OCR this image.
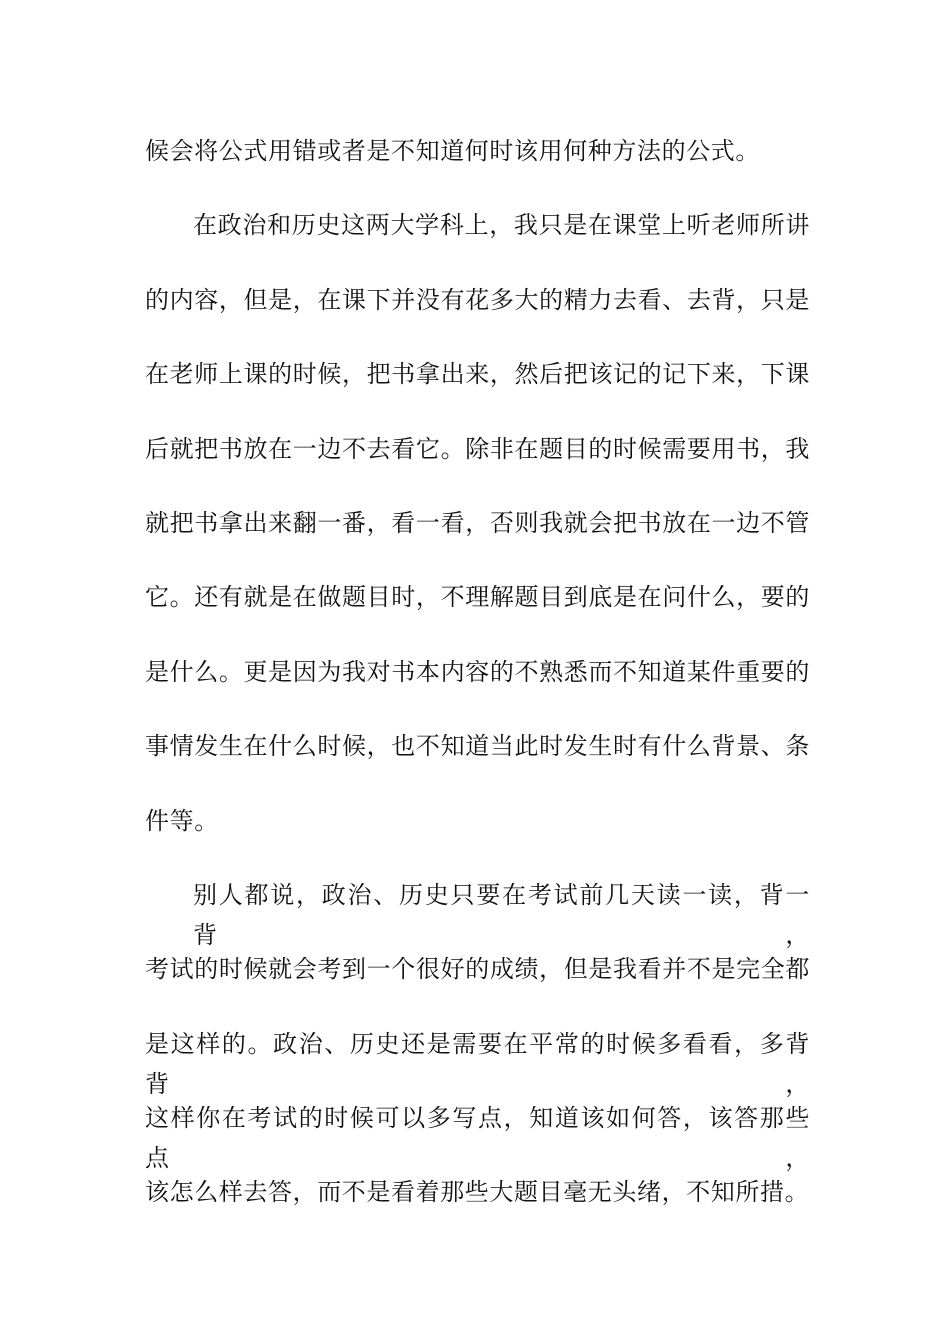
候会将公式用错或者是不知道何时该用何种方法的公式。
在政治和历史这两大学科上，我只是在课堂上听老师所讲
的内容，但是，在课下并没有花多大的精力去看、去背，只是
在老师上课的时候，把书拿出来，然后把该记的记下来，下课
后就把书放在一边不去看它。除非在题目的时候需要用书，我
就把书拿出来翻一番，看一看，否则我就会把书放在一边不管
它。还有就是在做题目时，不理解题目到底是在问什么，要的
是什么。更是因为我对书本内容的不熟悉而不知道某件重要的
事情发生在什么时候，也不知道当此时发生时有什么背景、条
件等。
别人都说，政治、历史只要在考试前几天读一读，背一背，
考试的时候就会考到一个很好的成绩，但是我看并不是完全都
是这样的。政治、历史还是需要在平常的时候多看看，多背背，
这样你在考试的时候可以多写点，知道该如何答，该答那些点，
该怎么样去答，而不是看着那些大题目毫无头绪，不知所措。
